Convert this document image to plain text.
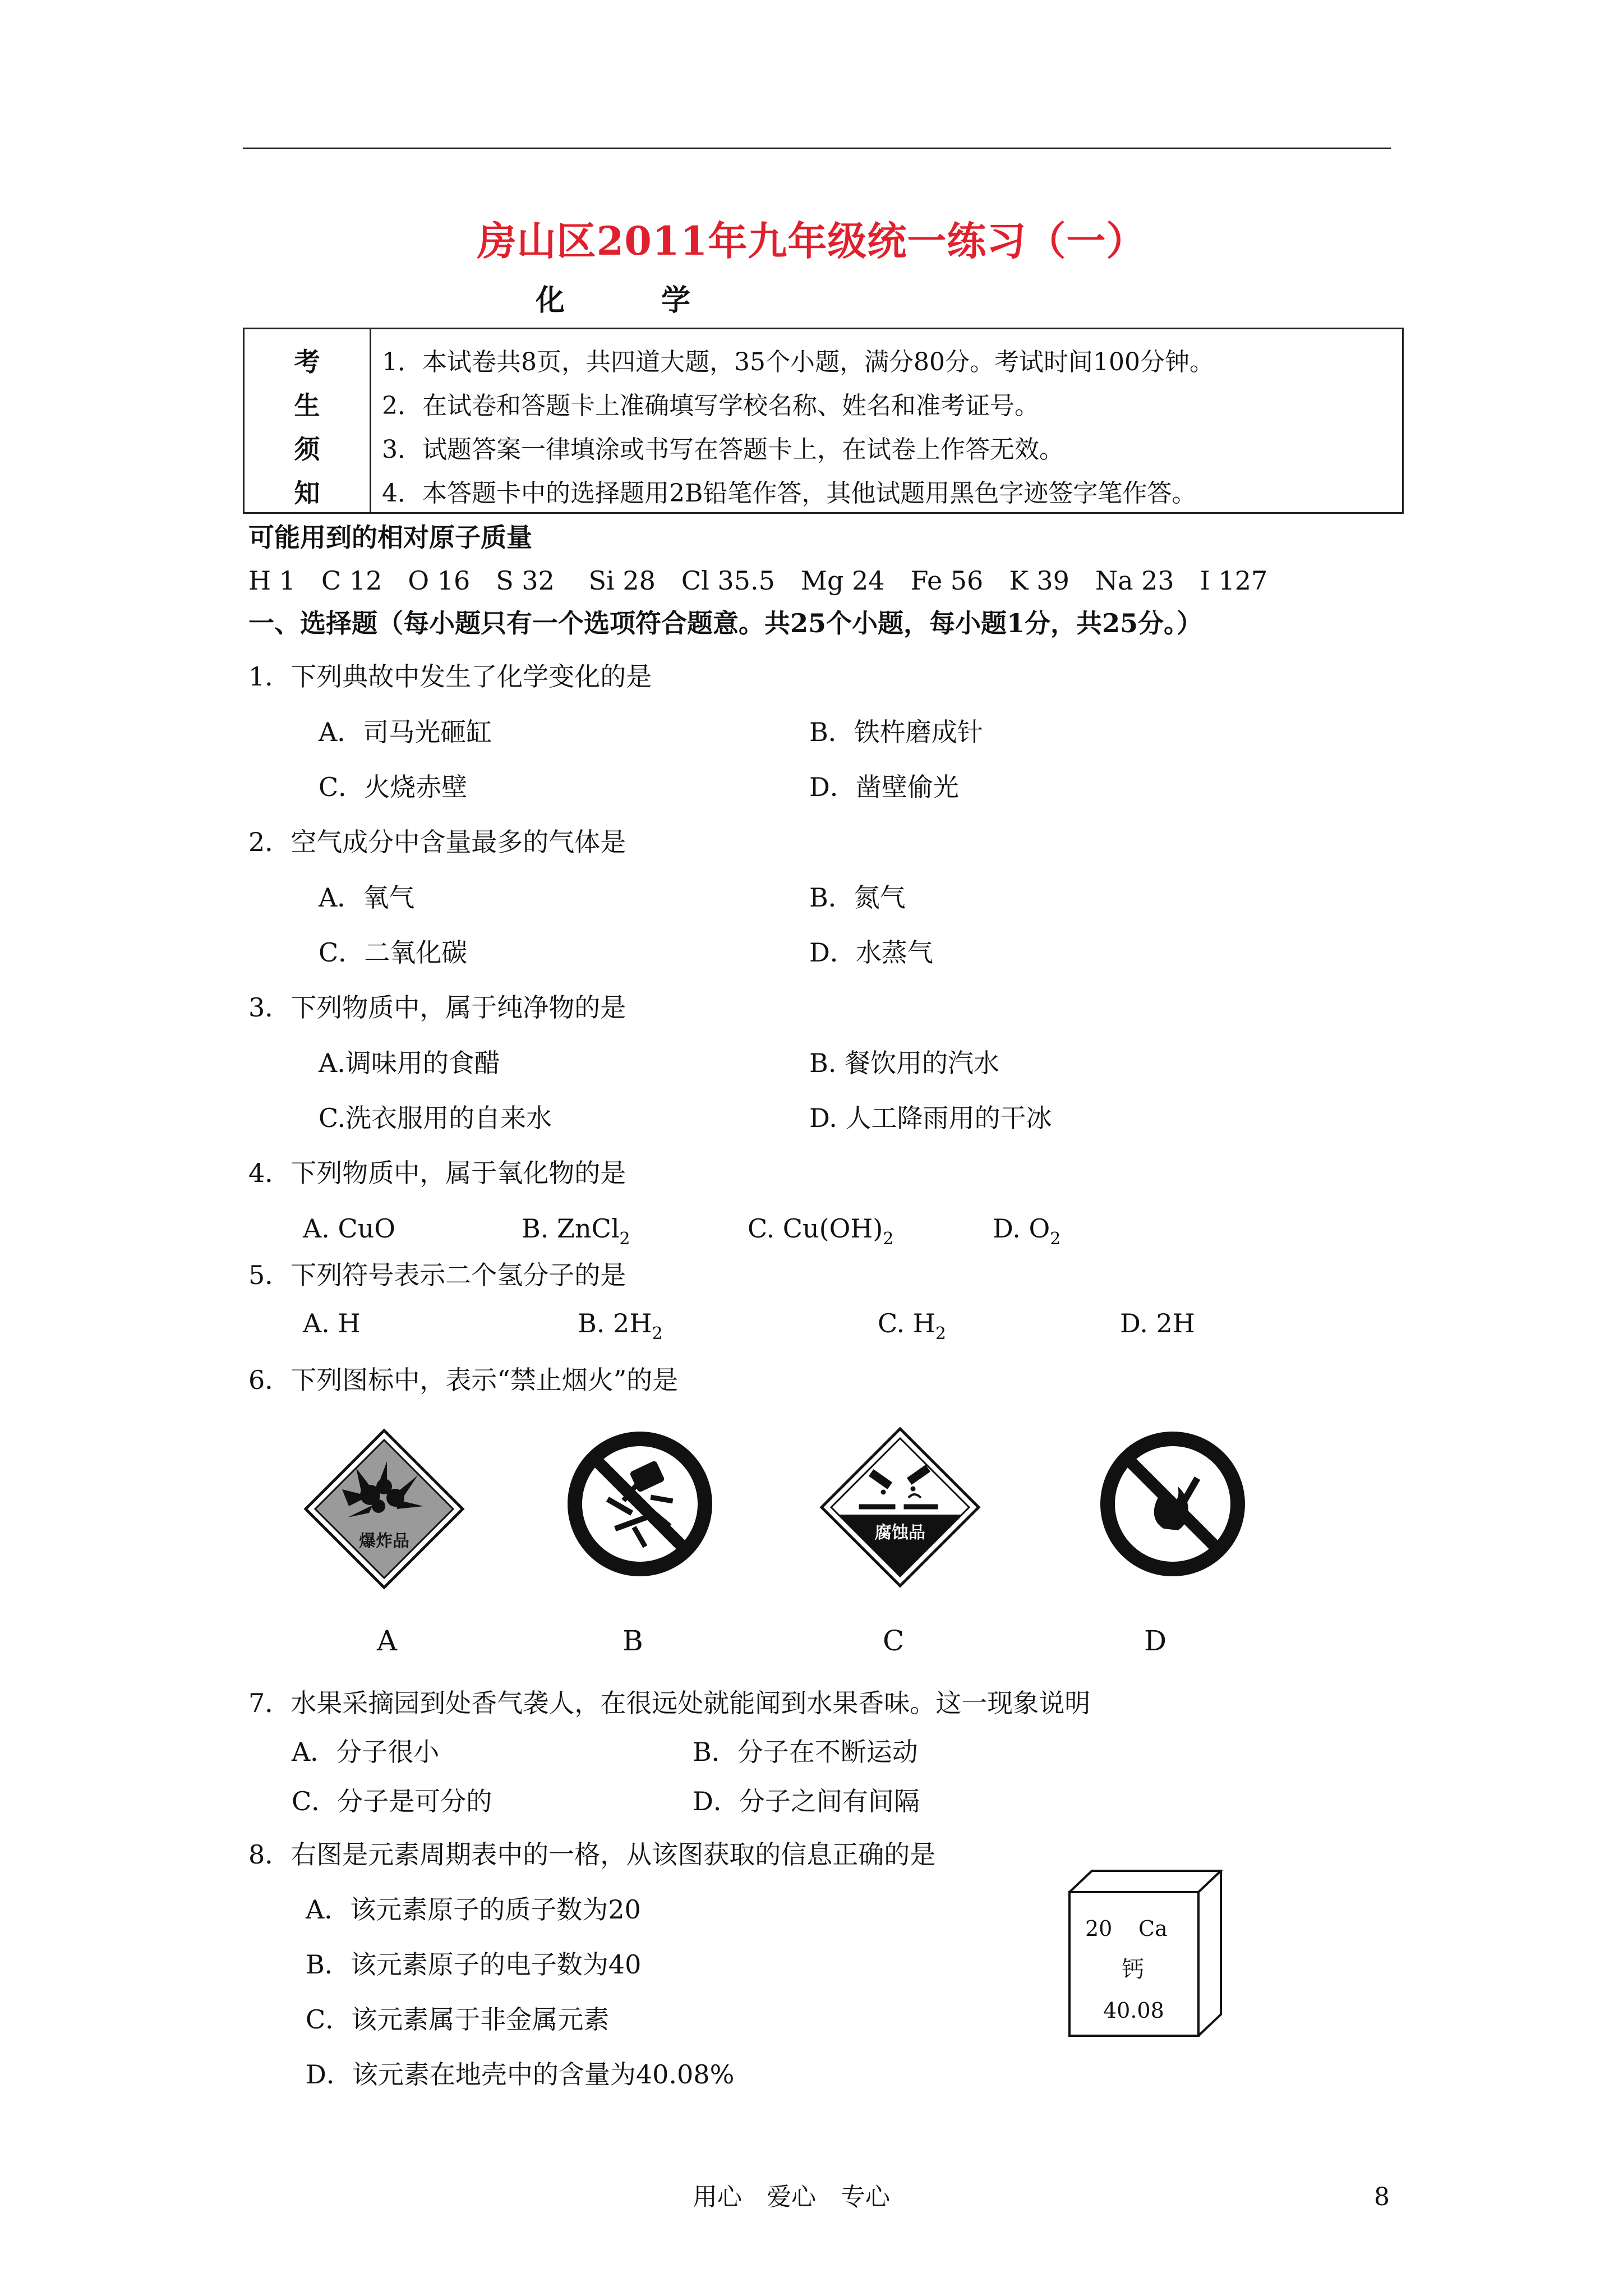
房山区2011年九年级统一练习（一）
化　学
考
生
须
知
1．本试卷共8页，共四道大题，35个小题，满分80分。考试时间100分钟。
2．在试卷和答题卡上准确填写学校名称、姓名和准考证号。
3．试题答案一律填涂或书写在答题卡上，在试卷上作答无效。
4．本答题卡中的选择题用2B铅笔作答，其他试题用黑色字迹签字笔作答。
可能用到的相对原子质量
H 1　C 12　O 16　S 32　 Si 28　Cl 35.5　Mg 24　Fe 56　K 39　Na 23　I 127
一、选择题（每小题只有一个选项符合题意。共25个小题，每小题1分，共25分。）
1．下列典故中发生了化学变化的是
A．司马光砸缸	B．铁杵磨成针
C．火烧赤壁	D．凿壁偷光
2．空气成分中含量最多的气体是
A．氧气	B．氮气
C．二氧化碳	D．水蒸气
3．下列物质中，属于纯净物的是
A.调味用的食醋	B. 餐饮用的汽水
C.洗衣服用的自来水	D. 人工降雨用的干冰
4．下列物质中，属于氧化物的是
A. CuO	B. ZnCl$_2$	C. $Cu(OH)_2$	D. $O_2$
5．下列符号表示二个氢分子的是
A. H	B. $2H_2$	C. $H_2$	D. 2H
6．下列图标中，表示“禁止烟火”的是
爆炸品	腐蚀品
A	B	C	D
7．水果采摘园到处香气袭人，在很远处就能闻到水果香味。这一现象说明
A．分子很小	B．分子在不断运动
C．分子是可分的	D．分子之间有间隔
8．右图是元素周期表中的一格，从该图获取的信息正确的是
A．该元素原子的质子数为20
B．该元素原子的电子数为40
C．该元素属于非金属元素
D．该元素在地壳中的含量为40.08%
20 Ca
钙
40.08
用心　爱心　专心	8
